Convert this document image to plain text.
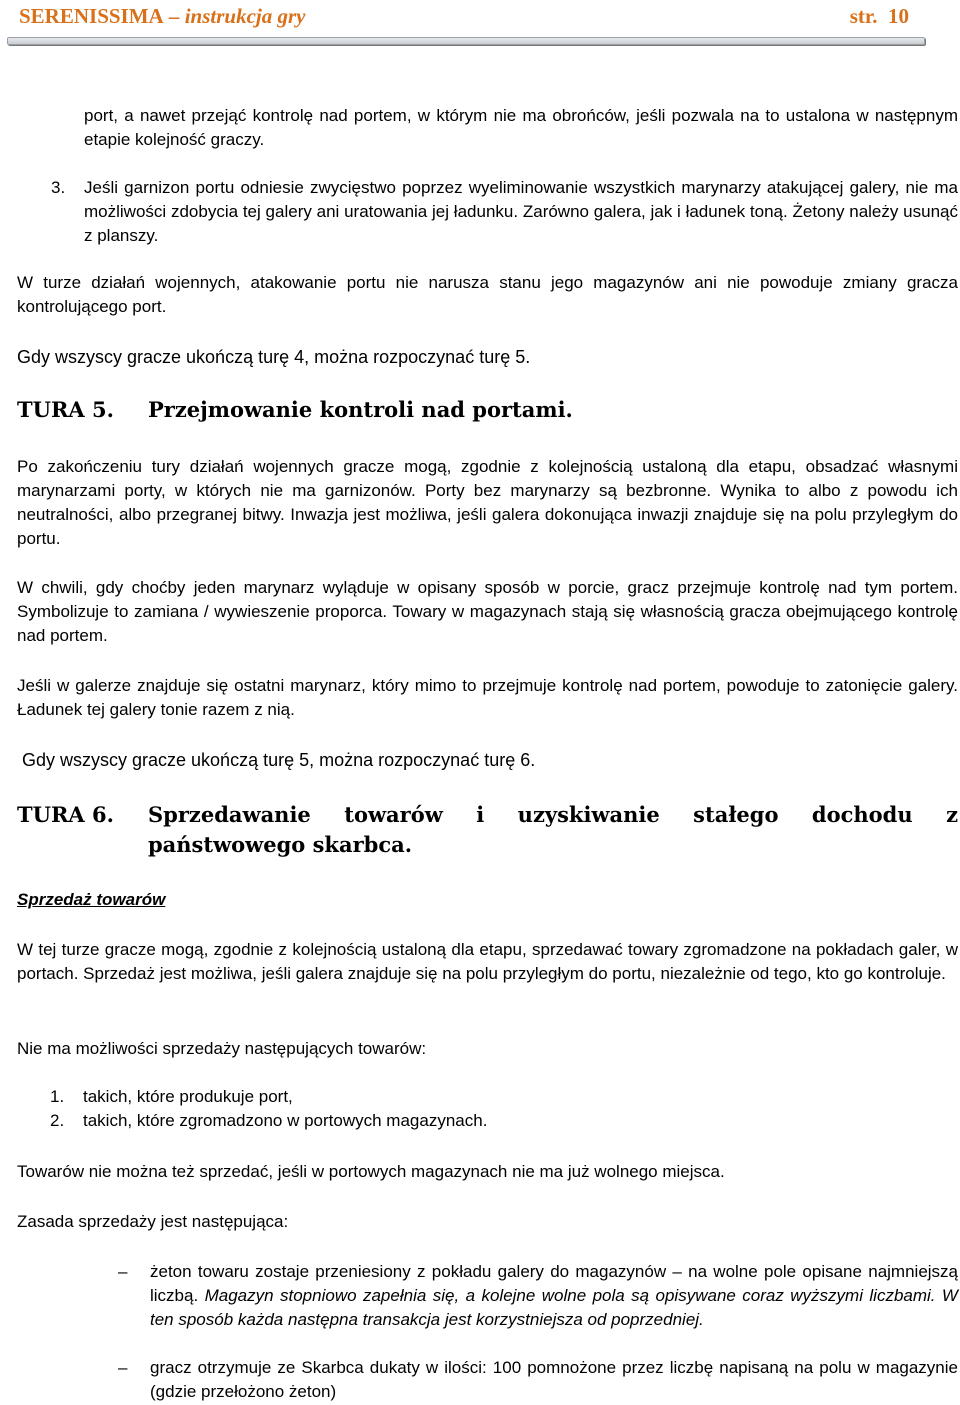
SERENISSIMA – instrukcja gry	str. 10

port, a nawet przejąć kontrolę nad portem, w którym nie ma obrońców, jeśli pozwala na to ustalona w następnym etapie kolejność graczy.

3. Jeśli garnizon portu odniesie zwycięstwo poprzez wyeliminowanie wszystkich marynarzy atakującej galery, nie ma możliwości zdobycia tej galery ani uratowania jej ładunku. Zarówno galera, jak i ładunek toną. Żetony należy usunąć z planszy.

W turze działań wojennych, atakowanie portu nie narusza stanu jego magazynów ani nie powoduje zmiany gracza kontrolującego port.

Gdy wszyscy gracze ukończą turę 4, można rozpoczynać turę 5.

TURA 5. Przejmowanie kontroli nad portami.

Po zakończeniu tury działań wojennych gracze mogą, zgodnie z kolejnością ustaloną dla etapu, obsadzać własnymi marynarzami porty, w których nie ma garnizonów. Porty bez marynarzy są bezbronne. Wynika to albo z powodu ich neutralności, albo przegranej bitwy. Inwazja jest możliwa, jeśli galera dokonująca inwazji znajduje się na polu przyległym do portu.

W chwili, gdy choćby jeden marynarz wyląduje w opisany sposób w porcie, gracz przejmuje kontrolę nad tym portem. Symbolizuje to zamiana / wywieszenie proporca. Towary w magazynach stają się własnością gracza obejmującego kontrolę nad portem.

Jeśli w galerze znajduje się ostatni marynarz, który mimo to przejmuje kontrolę nad portem, powoduje to zatonięcie galery. Ładunek tej galery tonie razem z nią.

Gdy wszyscy gracze ukończą turę 5, można rozpoczynać turę 6.

TURA 6. Sprzedawanie towarów i uzyskiwanie stałego dochodu z państwowego skarbca.
Sprzedaż towarów

W tej turze gracze mogą, zgodnie z kolejnością ustaloną dla etapu, sprzedawać towary zgromadzone na pokładach galer, w portach. Sprzedaż jest możliwa, jeśli galera znajduje się na polu przyległym do portu, niezależnie od tego, kto go kontroluje.

Nie ma możliwości sprzedaży następujących towarów:

1. takich, które produkuje port,
2. takich, które zgromadzono w portowych magazynach.

Towarów nie można też sprzedać, jeśli w portowych magazynach nie ma już wolnego miejsca.

Zasada sprzedaży jest następująca:

– żeton towaru zostaje przeniesiony z pokładu galery do magazynów – na wolne pole opisane najmniejszą liczbą. Magazyn stopniowo zapełnia się, a kolejne wolne pola są opisywane coraz wyższymi liczbami. W ten sposób każda następna transakcja jest korzystniejsza od poprzedniej.
– gracz otrzymuje ze Skarbca dukaty w ilości: 100 pomnożone przez liczbę napisaną na polu w magazynie (gdzie przełożono żeton)
